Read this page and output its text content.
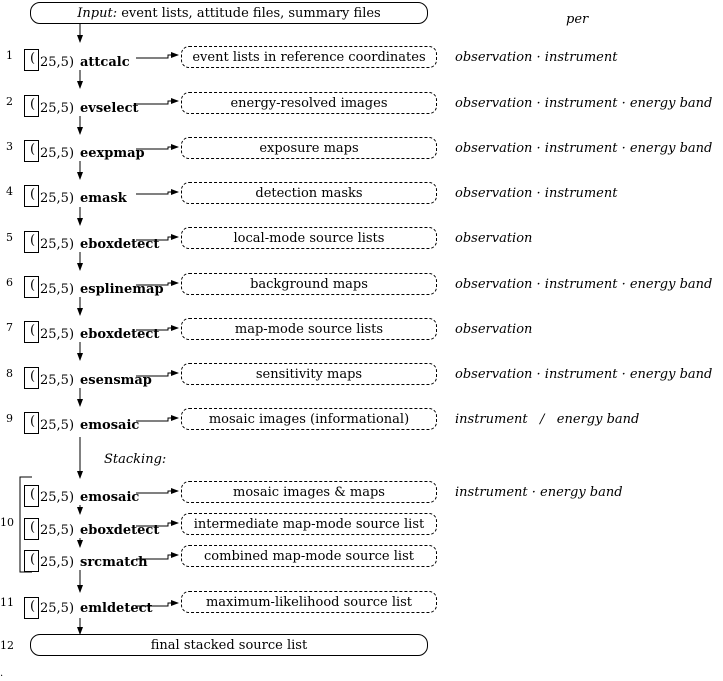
Input:
event lists, attitude files, summary files	per
1 ( 25,5) attcalc	event lists in reference coordinates	observation · instrument
2 ( 25,5) evselect	energy-resolved images	observation · instrument · energy band
3 ( 25,5) eexpmap	exposure maps	observation · instrument · energy band
4 ( 25,5) emask	detection masks	observation · instrument
5 ( 25,5) eboxdetect	local-mode source lists	observation
6 ( 25,5) esplinemap	background maps	observation · instrument · energy band
7 ( 25,5) eboxdetect	map-mode source lists	observation
8 ( 25,5) esensmap	sensitivity maps	observation · instrument · energy band
9 ( 25,5) emosaic	mosaic images (informational)	instrument   /   energy band
Stacking:
10
( 25,5) emosaic	mosaic images & maps	instrument · energy band
( 25,5) eboxdetect	intermediate map-mode source list
( 25,5) srcmatch	combined map-mode source list
11 ( 25,5) emldetect	maximum-likelihood source list
12	final stacked source list
.
